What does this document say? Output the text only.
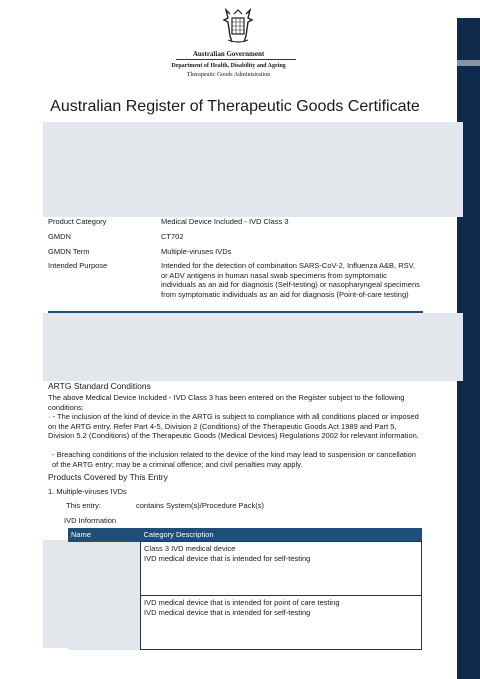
Australian Government
Department of Health, Disability and Ageing
Therapeutic Goods Administration
Australian Register of Therapeutic Goods Certificate
Product Category	Medical Device Included - IVD Class 3
GMDN	CT702
GMDN Term	Multiple-viruses IVDs
Intended Purpose	Intended for the detection of combination SARS-CoV-2, Influenza A&B, RSV, or ADV antigens in human nasal swab specimens from symptomatic individuals as an aid for diagnosis (Self-testing) or nasopharyngeal specimens from symptomatic individuals as an aid for diagnosis (Point-of-care testing)
ARTG Standard Conditions
The above Medical Device Included - IVD Class 3 has been entered on the Register subject to the following conditions:
· - The inclusion of the kind of device in the ARTG is subject to compliance with all conditions placed or imposed on the ARTG entry. Refer Part 4-5, Division 2 (Conditions) of the Therapeutic Goods Act 1989 and Part 5, Division 5.2 (Conditions) of the Therapeutic Goods (Medical Devices) Regulations 2002 for relevant information.
- Breaching conditions of the inclusion related to the device of the kind may lead to suspension or cancellation of the ARTG entry; may be a criminal offence; and civil penalties may apply.
Products Covered by This Entry
1. Multiple-viruses IVDs
This entry:	contains System(s)/Procedure Pack(s)
IVD Information
Name	Category Description

	Class 3 IVD medical device
IVD medical device that is intended for self-testing

	IVD medical device that is intended for point of care testing
IVD medical device that is intended for self-testing
